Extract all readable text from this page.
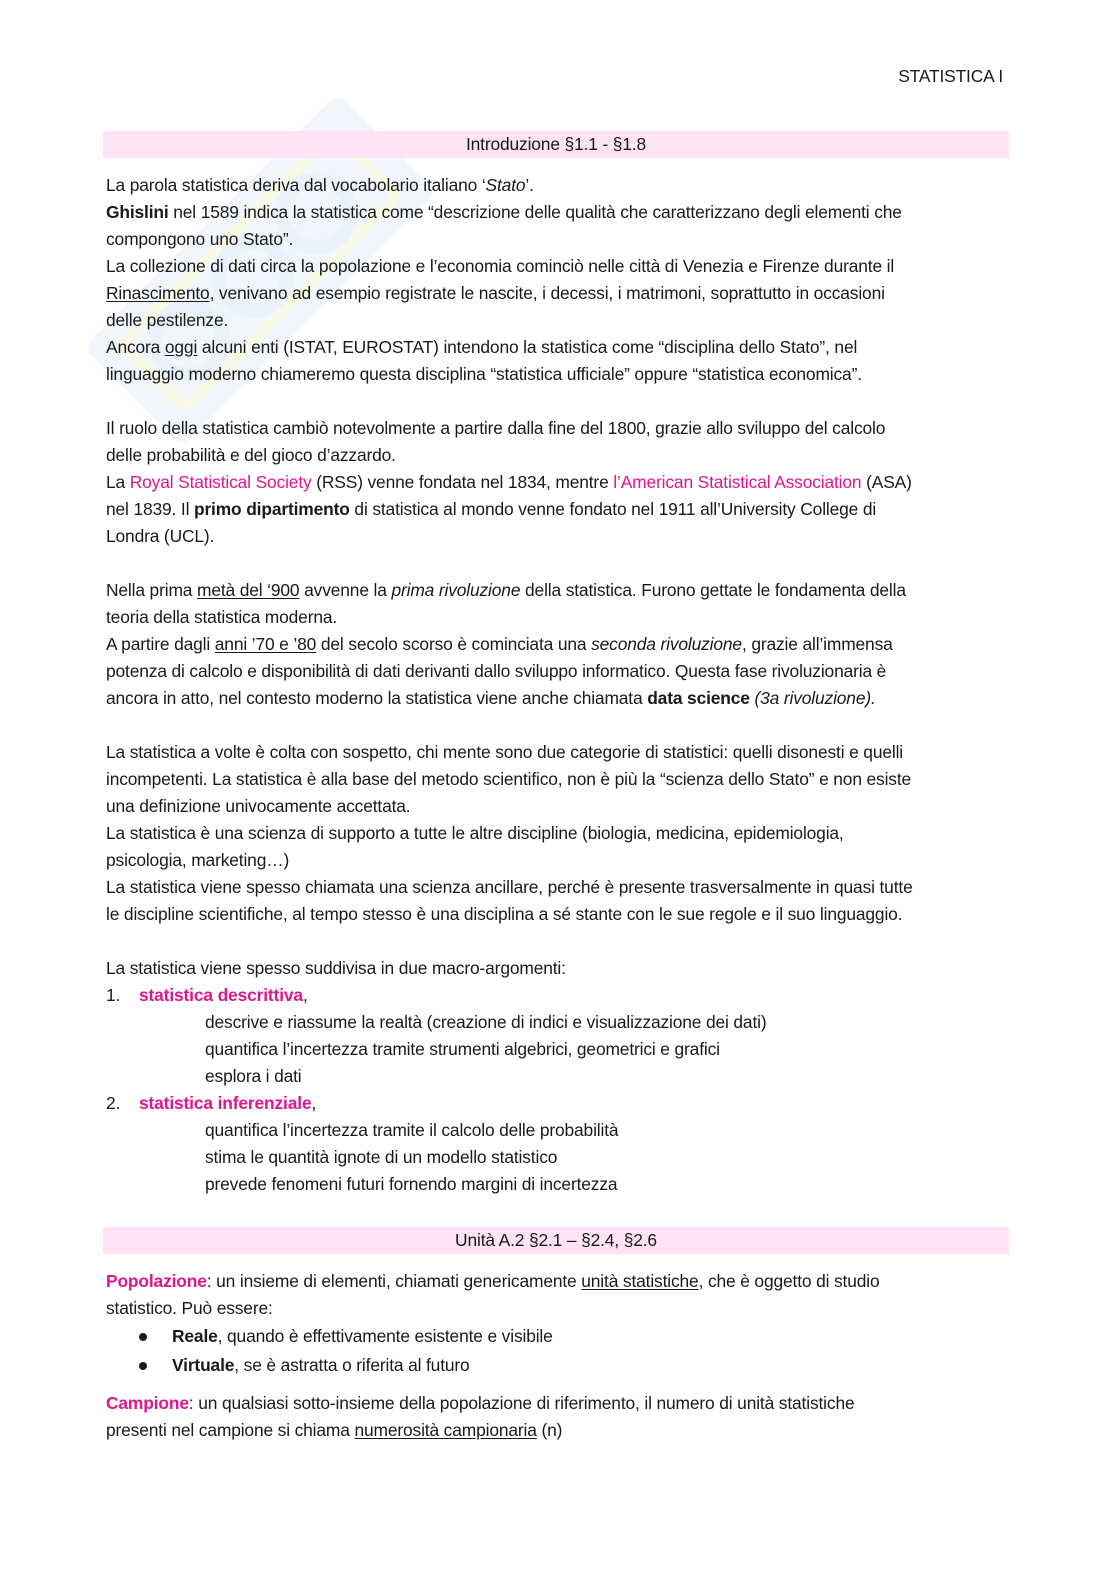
STATISTICA I
Introduzione §1.1 - §1.8
La parola statistica deriva dal vocabolario italiano ‘Stato’.
Ghislini nel 1589 indica la statistica come “descrizione delle qualità che caratterizzano degli elementi che
compongono uno Stato”.
La collezione di dati circa la popolazione e l’economia cominciò nelle città di Venezia e Firenze durante il
Rinascimento, venivano ad esempio registrate le nascite, i decessi, i matrimoni, soprattutto in occasioni
delle pestilenze.
Ancora oggi alcuni enti (ISTAT, EUROSTAT) intendono la statistica come “disciplina dello Stato”, nel
linguaggio moderno chiameremo questa disciplina “statistica ufficiale” oppure “statistica economica”.
Il ruolo della statistica cambiò notevolmente a partire dalla fine del 1800, grazie allo sviluppo del calcolo
delle probabilità e del gioco d’azzardo.
La Royal Statistical Society (RSS) venne fondata nel 1834, mentre l’American Statistical Association (ASA)
nel 1839. Il primo dipartimento di statistica al mondo venne fondato nel 1911 all’University College di
Londra (UCL).
Nella prima metà del ‘900 avvenne la prima rivoluzione della statistica. Furono gettate le fondamenta della
teoria della statistica moderna.
A partire dagli anni ’70 e ’80 del secolo scorso è cominciata una seconda rivoluzione, grazie all’immensa
potenza di calcolo e disponibilità di dati derivanti dallo sviluppo informatico. Questa fase rivoluzionaria è
ancora in atto, nel contesto moderno la statistica viene anche chiamata data science (3a rivoluzione).
La statistica a volte è colta con sospetto, chi mente sono due categorie di statistici: quelli disonesti e quelli
incompetenti. La statistica è alla base del metodo scientifico, non è più la “scienza dello Stato” e non esiste
una definizione univocamente accettata.
La statistica è una scienza di supporto a tutte le altre discipline (biologia, medicina, epidemiologia,
psicologia, marketing…)
La statistica viene spesso chiamata una scienza ancillare, perché è presente trasversalmente in quasi tutte
le discipline scientifiche, al tempo stesso è una disciplina a sé stante con le sue regole e il suo linguaggio.
La statistica viene spesso suddivisa in due macro-argomenti:
1. statistica descrittiva,
descrive e riassume la realtà (creazione di indici e visualizzazione dei dati)
quantifica l’incertezza tramite strumenti algebrici, geometrici e grafici
esplora i dati
2. statistica inferenziale,
quantifica l’incertezza tramite il calcolo delle probabilità
stima le quantità ignote di un modello statistico
prevede fenomeni futuri fornendo margini di incertezza
Unità A.2 §2.1 – §2.4, §2.6
Popolazione: un insieme di elementi, chiamati genericamente unità statistiche, che è oggetto di studio
statistico. Può essere:
Reale, quando è effettivamente esistente e visibile
Virtuale, se è astratta o riferita al futuro
Campione: un qualsiasi sotto-insieme della popolazione di riferimento, il numero di unità statistiche
presenti nel campione si chiama numerosità campionaria (n)
